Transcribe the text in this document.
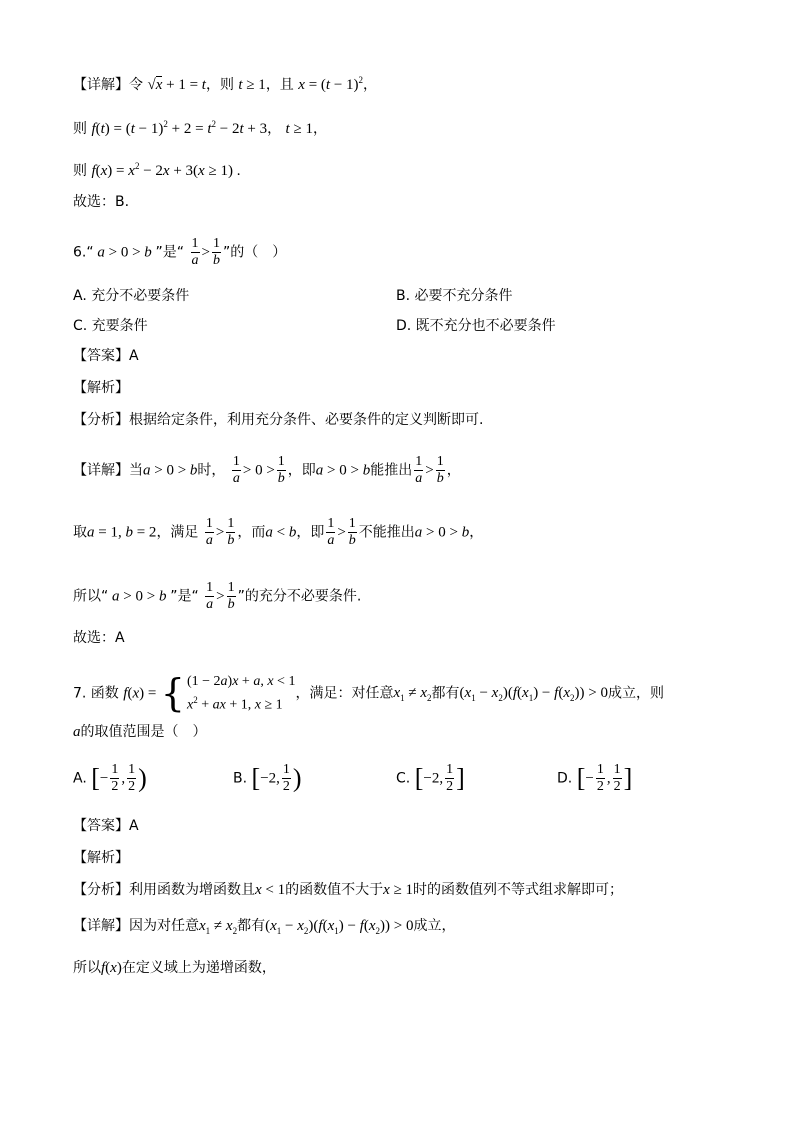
【详解】令 √x + 1 = t，则 t ≥ 1，且 $x = (t - 1)^2$，
则 $f(t) = (t - 1)^2 + 2 = t^2 - 2t + 3$， t ≥ 1，
则 $f(x) = x^2 - 2x + 3(x \ge 1)$ .
故选：B.
6.“ a > 0 > b ”是“ $\frac{1}{a} > \frac{1}{b}$ ”的（　）
A. 充分不必要条件	B. 必要不充分条件
C. 充要条件	D. 既不充分也不必要条件
【答案】A
【解析】
【分析】根据给定条件，利用充分条件、必要条件的定义判断即可.
【详解】当a > 0 > b时， $\frac{1}{a} > 0 > \frac{1}{b}$ ，即a > 0 > b能推出 $\frac{1}{a} > \frac{1}{b}$ ，
取a = 1, b = 2，满足 $\frac{1}{a} > \frac{1}{b}$ ，而a < b，即 $\frac{1}{a} > \frac{1}{b}$ 不能推出a > 0 > b，
所以“ a > 0 > b ”是“ $\frac{1}{a} > \frac{1}{b}$ ”的充分不必要条件.
故选：A
7. 函数 f(x) = { (1 − 2a)x + a, x < 1
$x^2$ + ax + 1, x ≥ 1
，满足：对任意$x_1 \ne x_2$都有$(x_1 - x_2)(f(x_1) - f(x_2)) > 0$成立，则
a的取值范围是（　）
A. [− $\frac{1}{2}$ , $\frac{1}{2}$ )	B. [−2, $\frac{1}{2}$ )	C. [−2, $\frac{1}{2}$ ]	D. [− $\frac{1}{2}$ , $\frac{1}{2}$ ]
【答案】A
【解析】
【分析】利用函数为增函数且x < 1的函数值不大于x ≥ 1时的函数值列不等式组求解即可；
【详解】因为对任意$x_1 \ne x_2$都有$(x_1 - x_2)(f(x_1) - f(x_2)) > 0$成立，
所以f(x)在定义域上为递增函数，
